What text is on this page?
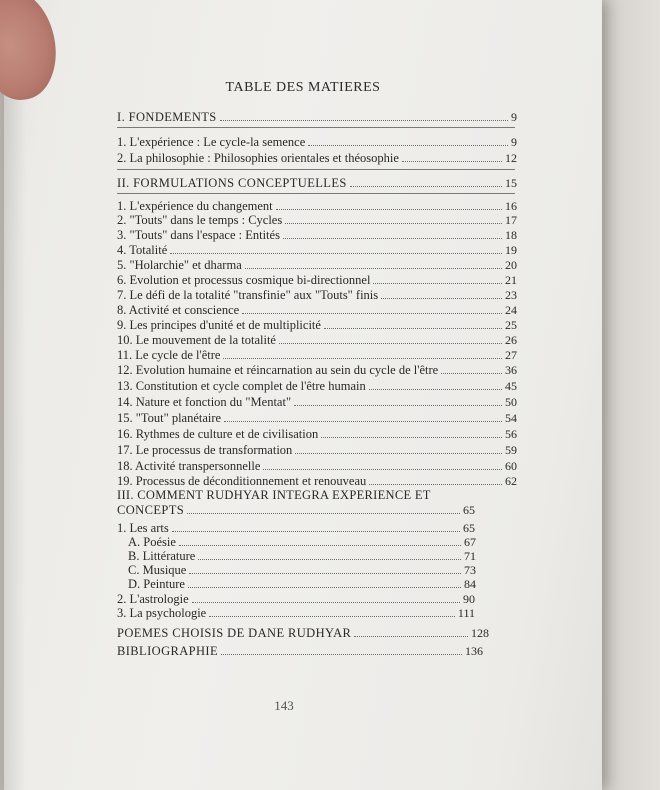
TABLE DES MATIERES
I. FONDEMENTS	9
1. L'expérience : Le cycle-la semence	9
2. La philosophie : Philosophies orientales et théosophie	12
II. FORMULATIONS CONCEPTUELLES	15
1. L'expérience du changement	16
2. "Touts" dans le temps : Cycles	17
3. "Touts" dans l'espace : Entités	18
4. Totalité	19
5. "Holarchie" et dharma	20
6. Evolution et processus cosmique bi-directionnel	21
7. Le défi de la totalité "transfinie" aux "Touts" finis	23
8. Activité et conscience	24
9. Les principes d'unité et de multiplicité	25
10. Le mouvement de la totalité	26
11. Le cycle de l'être	27
12. Evolution humaine et réincarnation au sein du cycle de l'être	36
13. Constitution et cycle complet de l'être humain	45
14. Nature et fonction du "Mentat"	50
15. "Tout" planétaire	54
16. Rythmes de culture et de civilisation	56
17. Le processus de transformation	59
18. Activité transpersonnelle	60
19. Processus de déconditionnement et renouveau	62
III. COMMENT RUDHYAR INTEGRA EXPERIENCE ET
CONCEPTS	65
1. Les arts	65
A. Poésie	67
B. Littérature	71
C. Musique	73
D. Peinture	84
2. L'astrologie	90
3. La psychologie	111
POEMES CHOISIS DE DANE RUDHYAR	128
BIBLIOGRAPHIE	136
143
